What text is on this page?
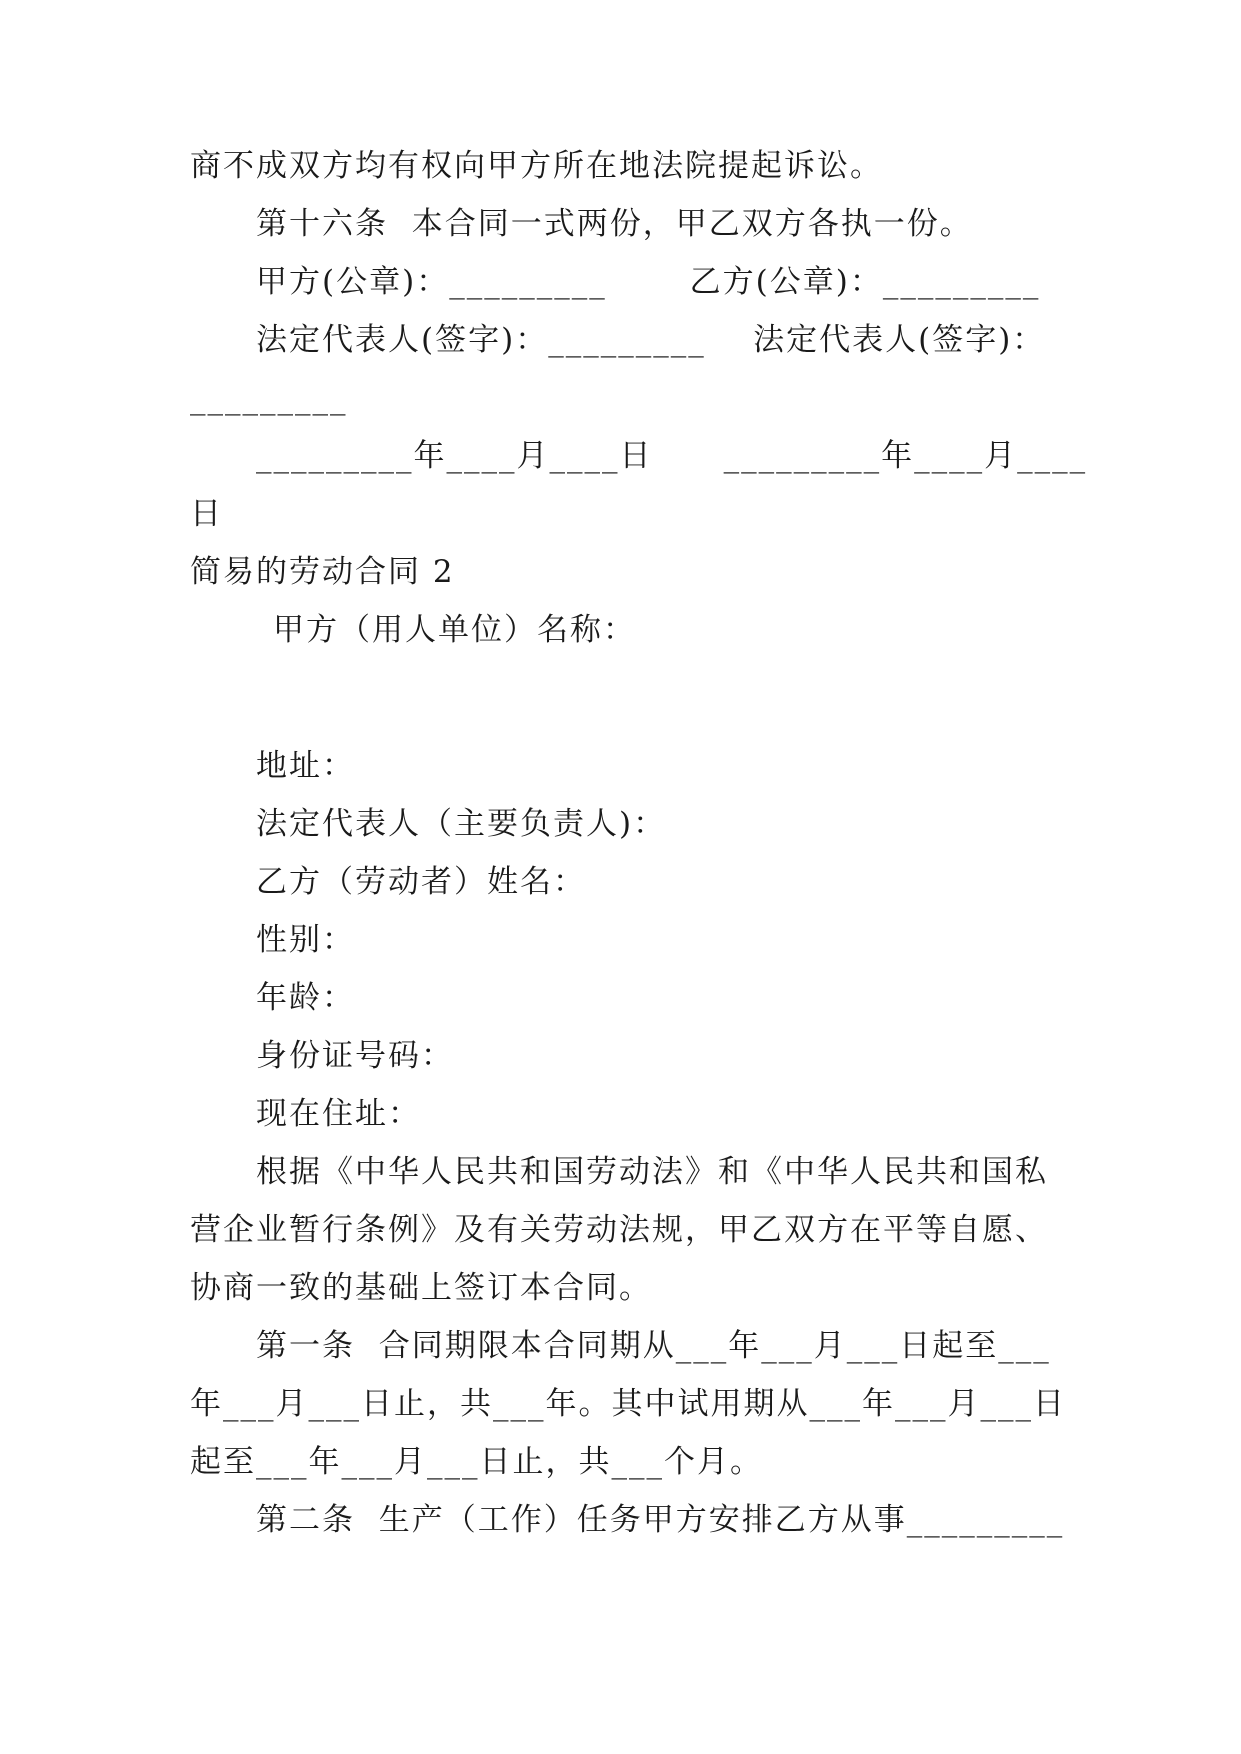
商不成双方均有权向甲方所在地法院提起诉讼。
第十六条  本合同一式两份，甲乙双方各执一份。
甲方(公章)：_________       乙方(公章)：_________
法定代表人(签字)：_________    法定代表人(签字)：
_________
_________年____月____日      _________年____月____
日
简易的劳动合同 2
甲方（用人单位）名称：
地址：
法定代表人（主要负责人)：
乙方（劳动者）姓名：
性别：
年龄：
身份证号码：
现在住址：
根据《中华人民共和国劳动法》和《中华人民共和国私
营企业暂行条例》及有关劳动法规，甲乙双方在平等自愿、
协商一致的基础上签订本合同。
第一条  合同期限本合同期从___年___月___日起至___
年___月___日止，共___年。其中试用期从___年___月___日
起至___年___月___日止，共___个月。
第二条  生产（工作）任务甲方安排乙方从事_________
